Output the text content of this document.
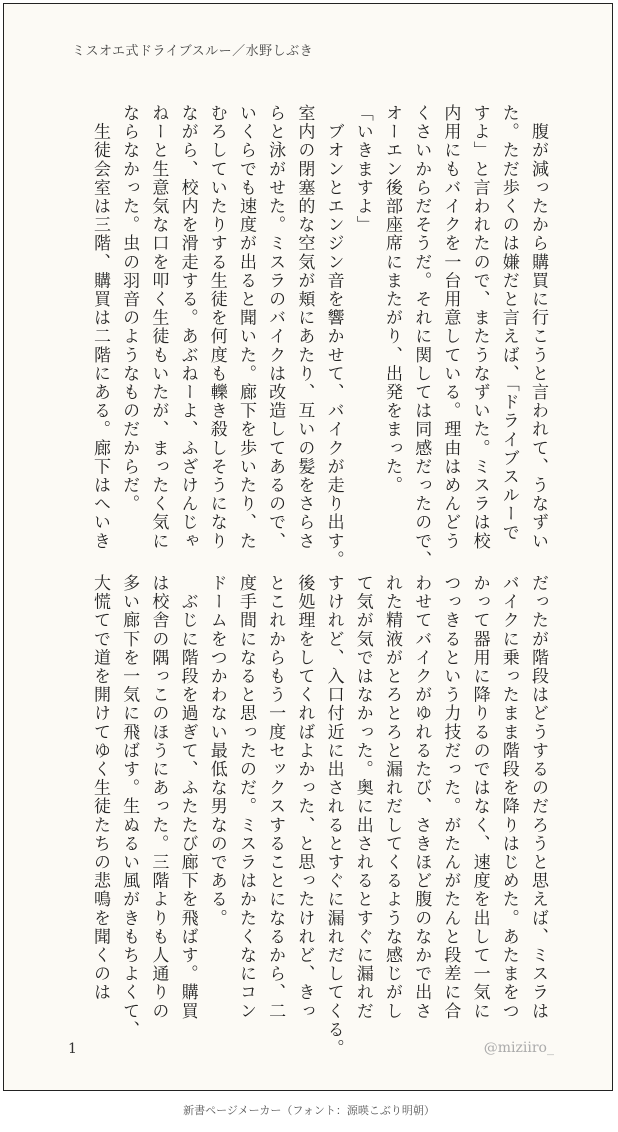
ミスオエ式ドライブスルー／水野しぶき

　腹が減ったから購買に行こうと言われて、うなずい

た。ただ歩くのは嫌だと言えば、「ドライブスルーで

すよ」と言われたので、またうなずいた。ミスラは校

内用にもバイクを一台用意している。理由はめんどう

くさいからだそうだ。それに関しては同感だったので、

オーエン後部座席にまたがり、出発をまった。

「いきますよ」

　ブオンとエンジン音を響かせて、バイクが走り出す。

室内の閉塞的な空気が頬にあたり、互いの髪をさらさ

らと泳がせた。ミスラのバイクは改造してあるので、

いくらでも速度が出ると聞いた。廊下を歩いたり、た

むろしていたりする生徒を何度も轢き殺しそうになり

ながら、校内を滑走する。あぶねーよ、ふざけんじゃ

ねーと生意気な口を叩く生徒もいたが、まったく気に

ならなかった。虫の羽音のようなものだからだ。

　生徒会室は三階、購買は二階にある。廊下はへいき

だったが階段はどうするのだろうと思えば、ミスラは

バイクに乗ったまま階段を降りはじめた。あたまをつ

かって器用に降りるのではなく、速度を出して一気に

つっきるという力技だった。がたんがたんと段差に合

わせてバイクがゆれるたび、さきほど腹のなかで出さ

れた精液がとろとろと漏れだしてくるような感じがし

て気が気ではなかった。奥に出されるとすぐに漏れだ

すけれど、入口付近に出されるとすぐに漏れだしてくる。

後処理をしてくればよかった、と思ったけれど、きっ

とこれからもう一度セックスすることになるから、二

度手間になると思ったのだ。ミスラはかたくなにコン

ドームをつかわない最低な男なのである。

　ぶじに階段を過ぎて、ふたたび廊下を飛ばす。購買

は校舎の隅っこのほうにあった。三階よりも人通りの

多い廊下を一気に飛ばす。生ぬるい風がきもちよくて、

大慌てで道を開けてゆく生徒たちの悲鳴を聞くのは

1	@miziiro_
新書ページメーカー（フォント：源暎こぶり明朝）
